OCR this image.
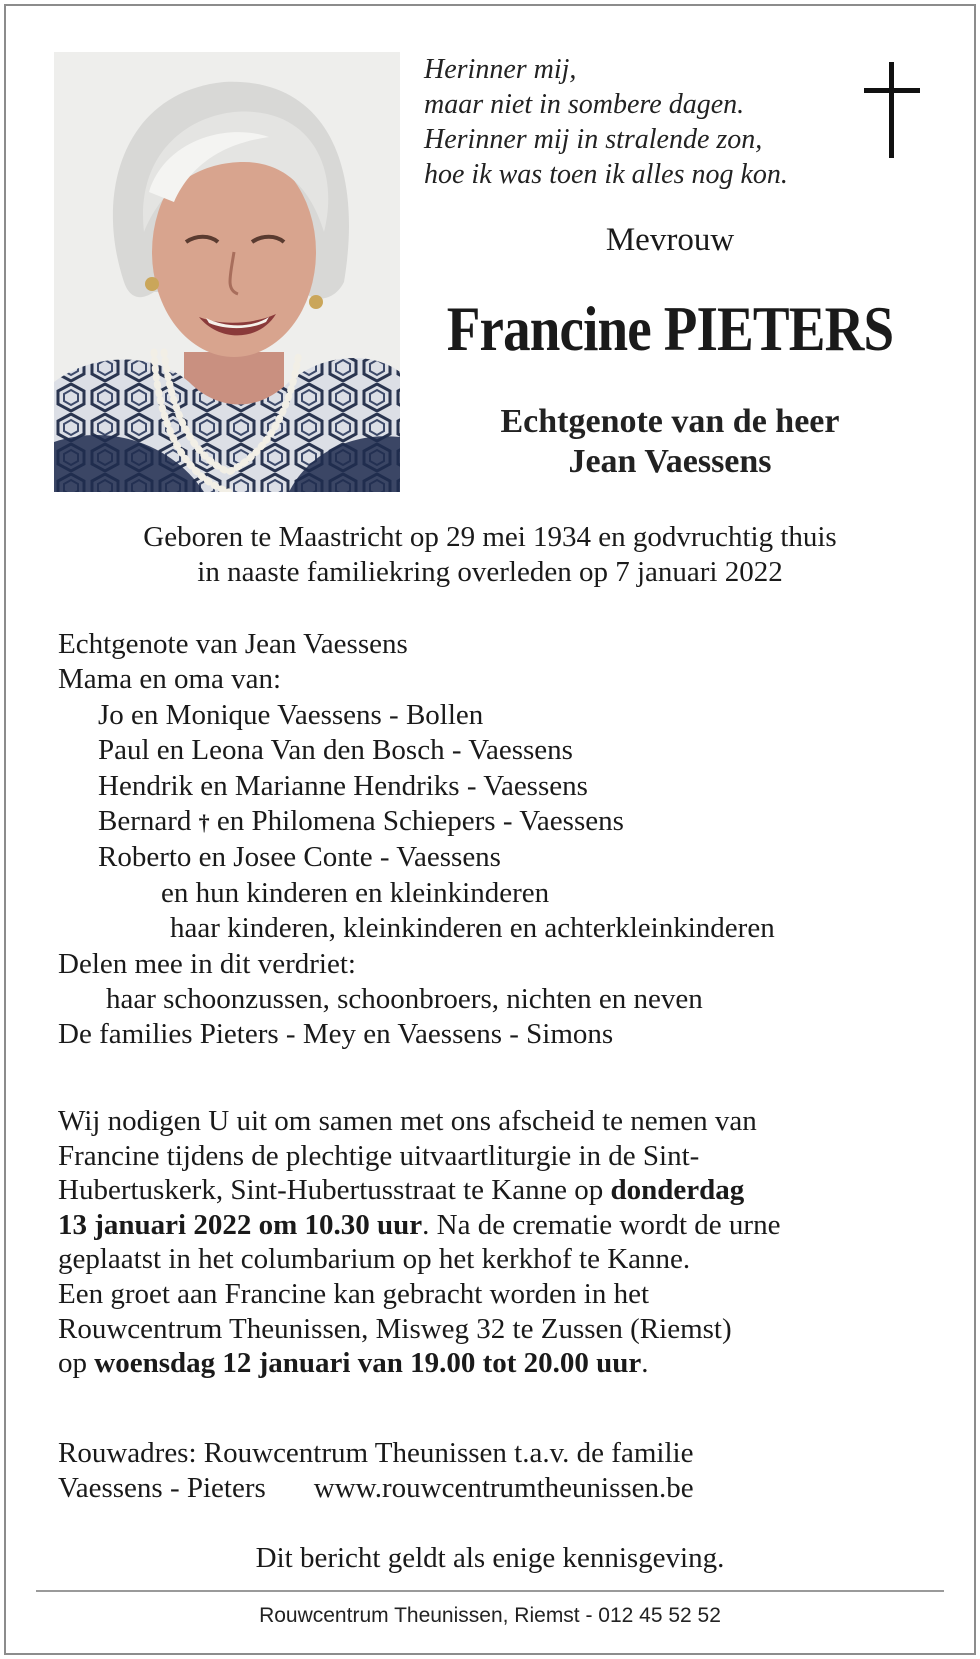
Herinner mij,
maar niet in sombere dagen.
Herinner mij in stralende zon,
hoe ik was toen ik alles nog kon.
Mevrouw
Francine PIETERS
Echtgenote van de heer
Jean Vaessens
Geboren te Maastricht op 29 mei 1934 en godvruchtig thuis
in naaste familiekring overleden op 7 januari 2022
Echtgenote van Jean Vaessens
Mama en oma van:
Jo en Monique Vaessens - Bollen
Paul en Leona Van den Bosch - Vaessens
Hendrik en Marianne Hendriks - Vaessens
Bernard † en Philomena Schiepers - Vaessens
Roberto en Josee Conte - Vaessens
en hun kinderen en kleinkinderen
haar kinderen, kleinkinderen en achterkleinkinderen
Delen mee in dit verdriet:
haar schoonzussen, schoonbroers, nichten en neven
De families Pieters - Mey en Vaessens - Simons
Wij nodigen U uit om samen met ons afscheid te nemen van
Francine tijdens de plechtige uitvaartliturgie in de Sint-
Hubertuskerk, Sint-Hubertusstraat te Kanne op donderdag
13 januari 2022 om 10.30 uur. Na de crematie wordt de urne
geplaatst in het columbarium op het kerkhof te Kanne.
Een groet aan Francine kan gebracht worden in het
Rouwcentrum Theunissen, Misweg 32 te Zussen (Riemst)
op woensdag 12 januari van 19.00 tot 20.00 uur.
Rouwadres: Rouwcentrum Theunissen t.a.v. de familie
Vaessens - Pieters www.rouwcentrumtheunissen.be
Dit bericht geldt als enige kennisgeving.
Rouwcentrum Theunissen, Riemst - 012 45 52 52
